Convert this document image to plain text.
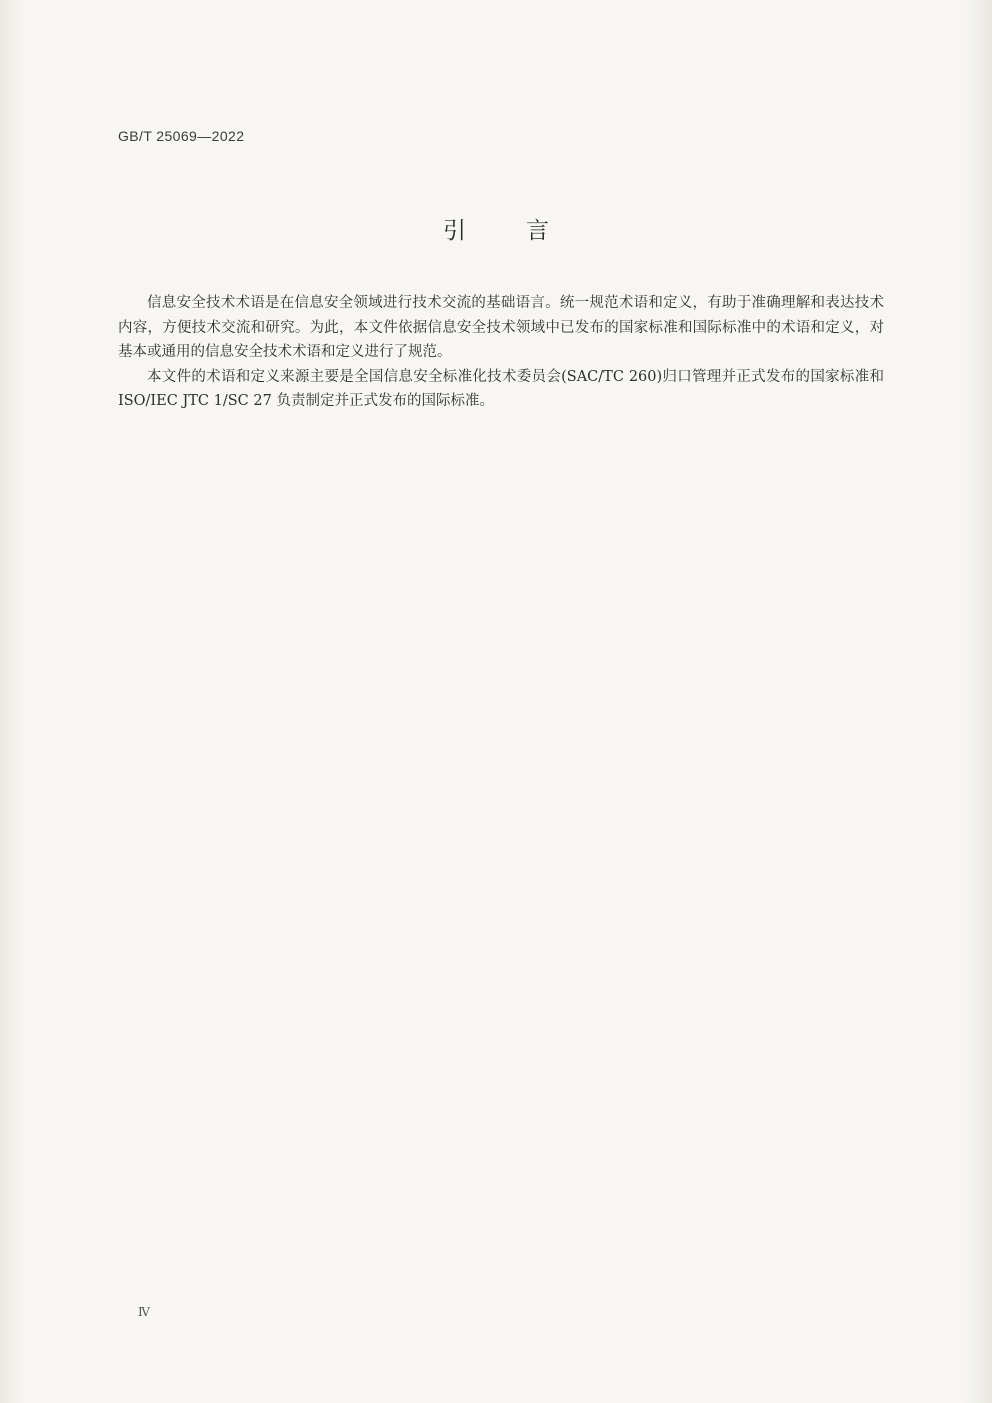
GB/T 25069—2022
引	言

信息安全技术术语是在信息安全领域进行技术交流的基础语言。统一规范术语和定义，有助于准确理解和表达技术内容，方便技术交流和研究。为此，本文件依据信息安全技术领域中已发布的国家标准和国际标准中的术语和定义，对基本或通用的信息安全技术术语和定义进行了规范。

本文件的术语和定义来源主要是全国信息安全标准化技术委员会(SAC/TC 260)归口管理并正式发布的国家标准和 ISO/IEC JTC 1/SC 27 负责制定并正式发布的国际标准。

Ⅳ
